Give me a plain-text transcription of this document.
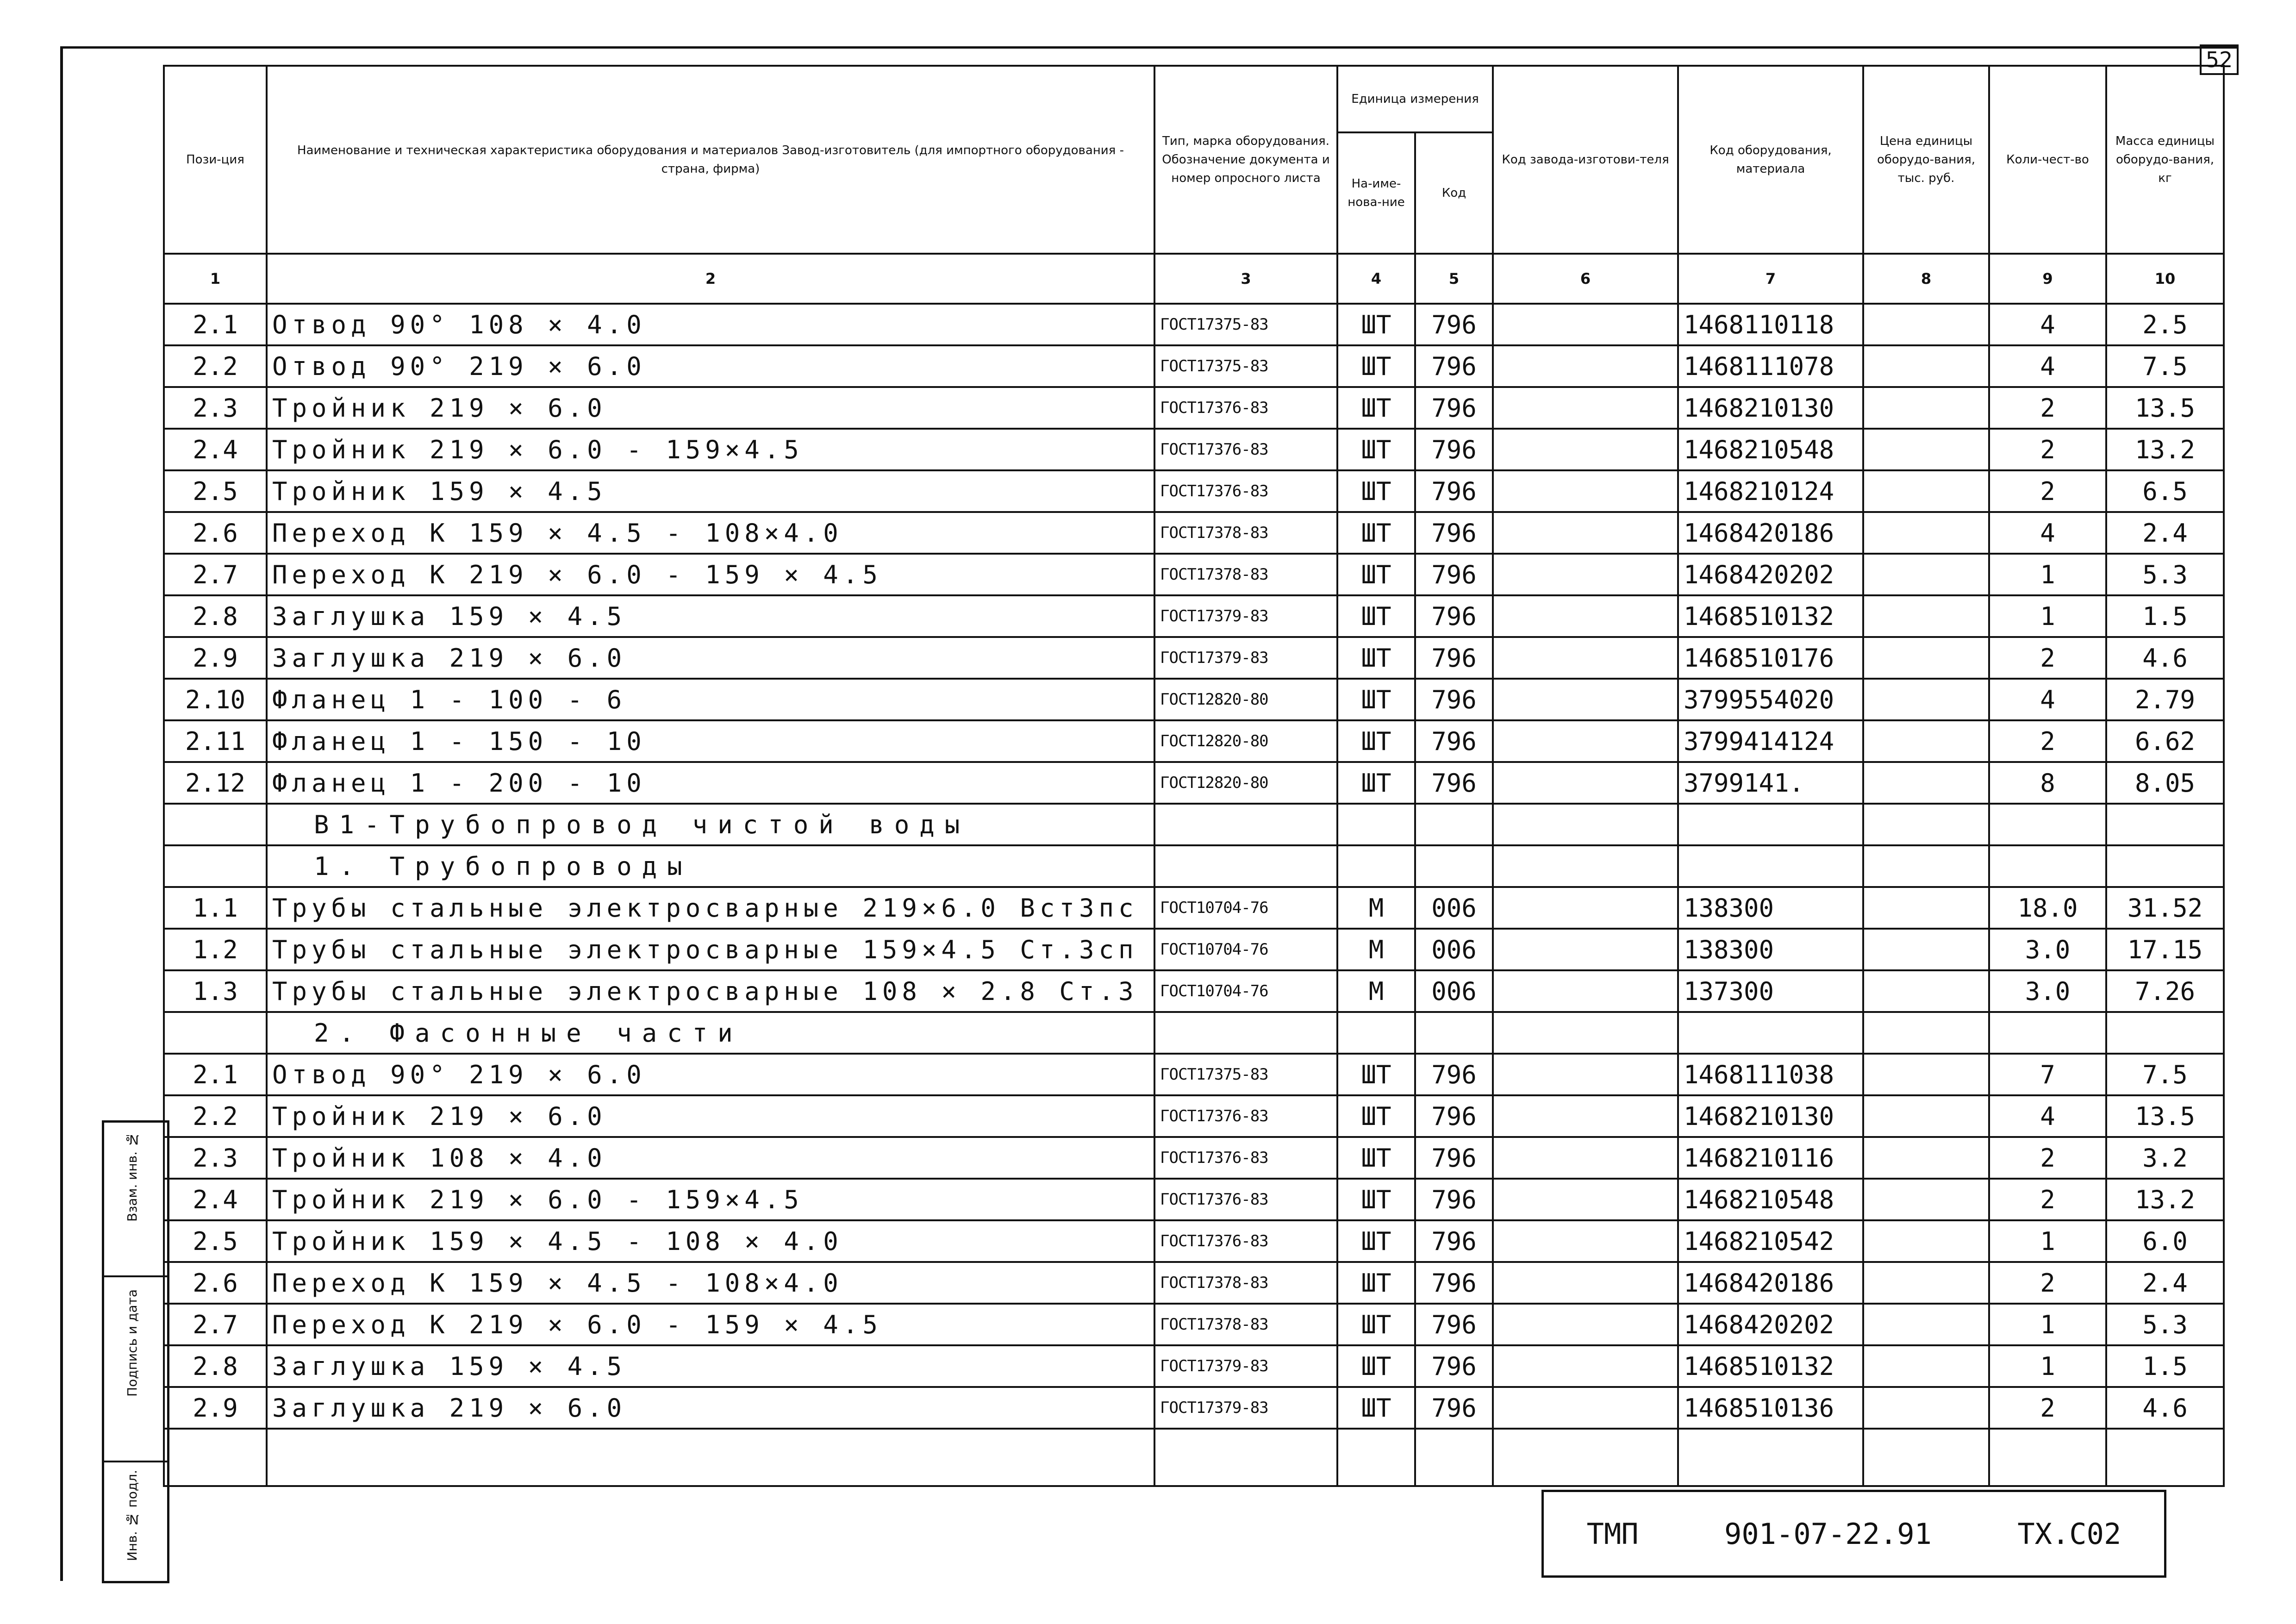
52
Пози-ция	Наименование и техническая характеристика оборудования и материалов Завод-изготовитель (для импортного оборудования - страна, фирма)	Тип, марка оборудования. Обозначение документа и номер опросного листа	Единица измерения		Код завода-изготови-теля	Код оборудования, материала	Цена единицы оборудо-вания, тыс. руб.	Коли-чест-во	Масса единицы оборудо-вания, кг
			На-име-нова-ние	Код					
1	2	3	4	5	6	7	8	9	10
2.1	Отвод 90° 108 × 4.0	ГОСТ17375-83	ШТ	796		1468110118		4	2.5
2.2	Отвод 90° 219 × 6.0	ГОСТ17375-83	ШТ	796		1468111078		4	7.5
2.3	Тройник 219 × 6.0	ГОСТ17376-83	ШТ	796		1468210130		2	13.5
2.4	Тройник 219 × 6.0 - 159×4.5	ГОСТ17376-83	ШТ	796		1468210548		2	13.2
2.5	Тройник 159 × 4.5	ГОСТ17376-83	ШТ	796		1468210124		2	6.5
2.6	Переход К 159 × 4.5 - 108×4.0	ГОСТ17378-83	ШТ	796		1468420186		4	2.4
2.7	Переход К 219 × 6.0 - 159 × 4.5	ГОСТ17378-83	ШТ	796		1468420202		1	5.3
2.8	Заглушка 159 × 4.5	ГОСТ17379-83	ШТ	796		1468510132		1	1.5
2.9	Заглушка 219 × 6.0	ГОСТ17379-83	ШТ	796		1468510176		2	4.6
2.10	Фланец 1 - 100 - 6	ГОСТ12820-80	ШТ	796		3799554020		4	2.79
2.11	Фланец 1 - 150 - 10	ГОСТ12820-80	ШТ	796		3799414124		2	6.62
2.12	Фланец 1 - 200 - 10	ГОСТ12820-80	ШТ	796		3799141.		8	8.05
	В1-Трубопровод чистой воды								
	1. Трубопроводы								
1.1	Трубы стальные электросварные 219×6.0 Вст3пс	ГОСТ10704-76	М	006		138300		18.0	31.52
1.2	Трубы стальные электросварные 159×4.5 Ст.3сп	ГОСТ10704-76	М	006		138300		3.0	17.15
1.3	Трубы стальные электросварные 108 × 2.8 Ст.3	ГОСТ10704-76	М	006		137300		3.0	7.26
	2. Фасонные части								
2.1	Отвод 90° 219 × 6.0	ГОСТ17375-83	ШТ	796		1468111038		7	7.5
2.2	Тройник 219 × 6.0	ГОСТ17376-83	ШТ	796		1468210130		4	13.5
2.3	Тройник 108 × 4.0	ГОСТ17376-83	ШТ	796		1468210116		2	3.2
2.4	Тройник 219 × 6.0 - 159×4.5	ГОСТ17376-83	ШТ	796		1468210548		2	13.2
2.5	Тройник 159 × 4.5 - 108 × 4.0	ГОСТ17376-83	ШТ	796		1468210542		1	6.0
2.6	Переход К 159 × 4.5 - 108×4.0	ГОСТ17378-83	ШТ	796		1468420186		2	2.4
2.7	Переход К 219 × 6.0 - 159 × 4.5	ГОСТ17378-83	ШТ	796		1468420202		1	5.3
2.8	Заглушка 159 × 4.5	ГОСТ17379-83	ШТ	796		1468510132		1	1.5
2.9	Заглушка 219 × 6.0	ГОСТ17379-83	ШТ	796		1468510136		2	4.6

Взам. инв. №
Подпись и дата
Инв. № подл.	ТМП	901-07-22.91	ТХ.С02
